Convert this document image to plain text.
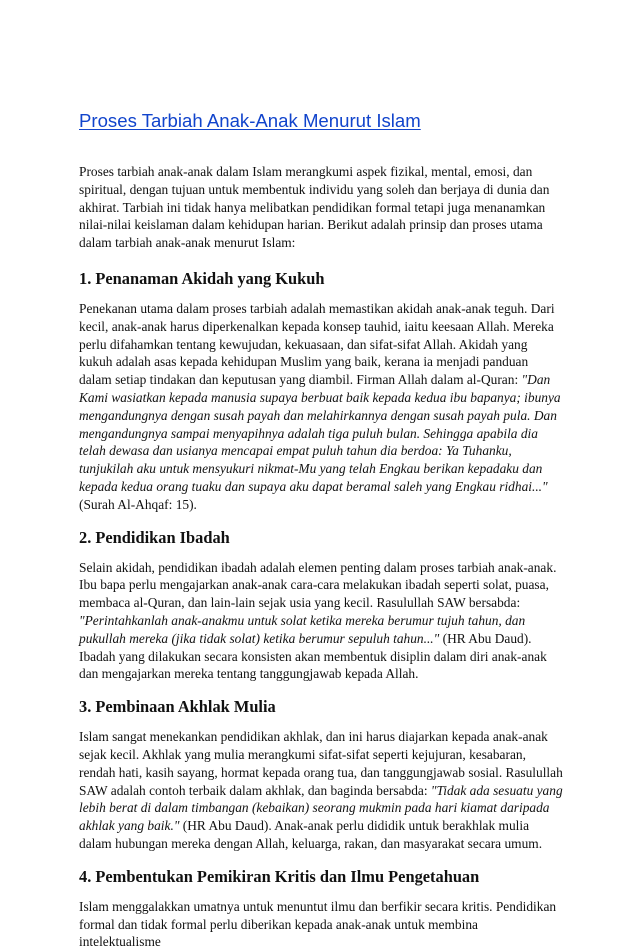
Proses Tarbiah Anak-Anak Menurut Islam

Proses tarbiah anak-anak dalam Islam merangkumi aspek fizikal, mental, emosi, dan spiritual, dengan tujuan untuk membentuk individu yang soleh dan berjaya di dunia dan akhirat. Tarbiah ini tidak hanya melibatkan pendidikan formal tetapi juga menanamkan nilai-nilai keislaman dalam kehidupan harian. Berikut adalah prinsip dan proses utama dalam tarbiah anak-anak menurut Islam:

1. Penanaman Akidah yang Kukuh

Penekanan utama dalam proses tarbiah adalah memastikan akidah anak-anak teguh. Dari kecil, anak-anak harus diperkenalkan kepada konsep tauhid, iaitu keesaan Allah. Mereka perlu difahamkan tentang kewujudan, kekuasaan, dan sifat-sifat Allah. Akidah yang kukuh adalah asas kepada kehidupan Muslim yang baik, kerana ia menjadi panduan dalam setiap tindakan dan keputusan yang diambil. Firman Allah dalam al-Quran: "Dan Kami wasiatkan kepada manusia supaya berbuat baik kepada kedua ibu bapanya; ibunya mengandungnya dengan susah payah dan melahirkannya dengan susah payah pula. Dan mengandungnya sampai menyapihnya adalah tiga puluh bulan. Sehingga apabila dia telah dewasa dan usianya mencapai empat puluh tahun dia berdoa: Ya Tuhanku, tunjukilah aku untuk mensyukuri nikmat-Mu yang telah Engkau berikan kepadaku dan kepada kedua orang tuaku dan supaya aku dapat beramal saleh yang Engkau ridhai..." (Surah Al-Ahqaf: 15).

2. Pendidikan Ibadah

Selain akidah, pendidikan ibadah adalah elemen penting dalam proses tarbiah anak-anak. Ibu bapa perlu mengajarkan anak-anak cara-cara melakukan ibadah seperti solat, puasa, membaca al-Quran, dan lain-lain sejak usia yang kecil. Rasulullah SAW bersabda: "Perintahkanlah anak-anakmu untuk solat ketika mereka berumur tujuh tahun, dan pukullah mereka (jika tidak solat) ketika berumur sepuluh tahun..." (HR Abu Daud). Ibadah yang dilakukan secara konsisten akan membentuk disiplin dalam diri anak-anak dan mengajarkan mereka tentang tanggungjawab kepada Allah.

3. Pembinaan Akhlak Mulia

Islam sangat menekankan pendidikan akhlak, dan ini harus diajarkan kepada anak-anak sejak kecil. Akhlak yang mulia merangkumi sifat-sifat seperti kejujuran, kesabaran, rendah hati, kasih sayang, hormat kepada orang tua, dan tanggungjawab sosial. Rasulullah SAW adalah contoh terbaik dalam akhlak, dan baginda bersabda: "Tidak ada sesuatu yang lebih berat di dalam timbangan (kebaikan) seorang mukmin pada hari kiamat daripada akhlak yang baik." (HR Abu Daud). Anak-anak perlu dididik untuk berakhlak mulia dalam hubungan mereka dengan Allah, keluarga, rakan, dan masyarakat secara umum.

4. Pembentukan Pemikiran Kritis dan Ilmu Pengetahuan

Islam menggalakkan umatnya untuk menuntut ilmu dan berfikir secara kritis. Pendidikan formal dan tidak formal perlu diberikan kepada anak-anak untuk membina intelektualisme
